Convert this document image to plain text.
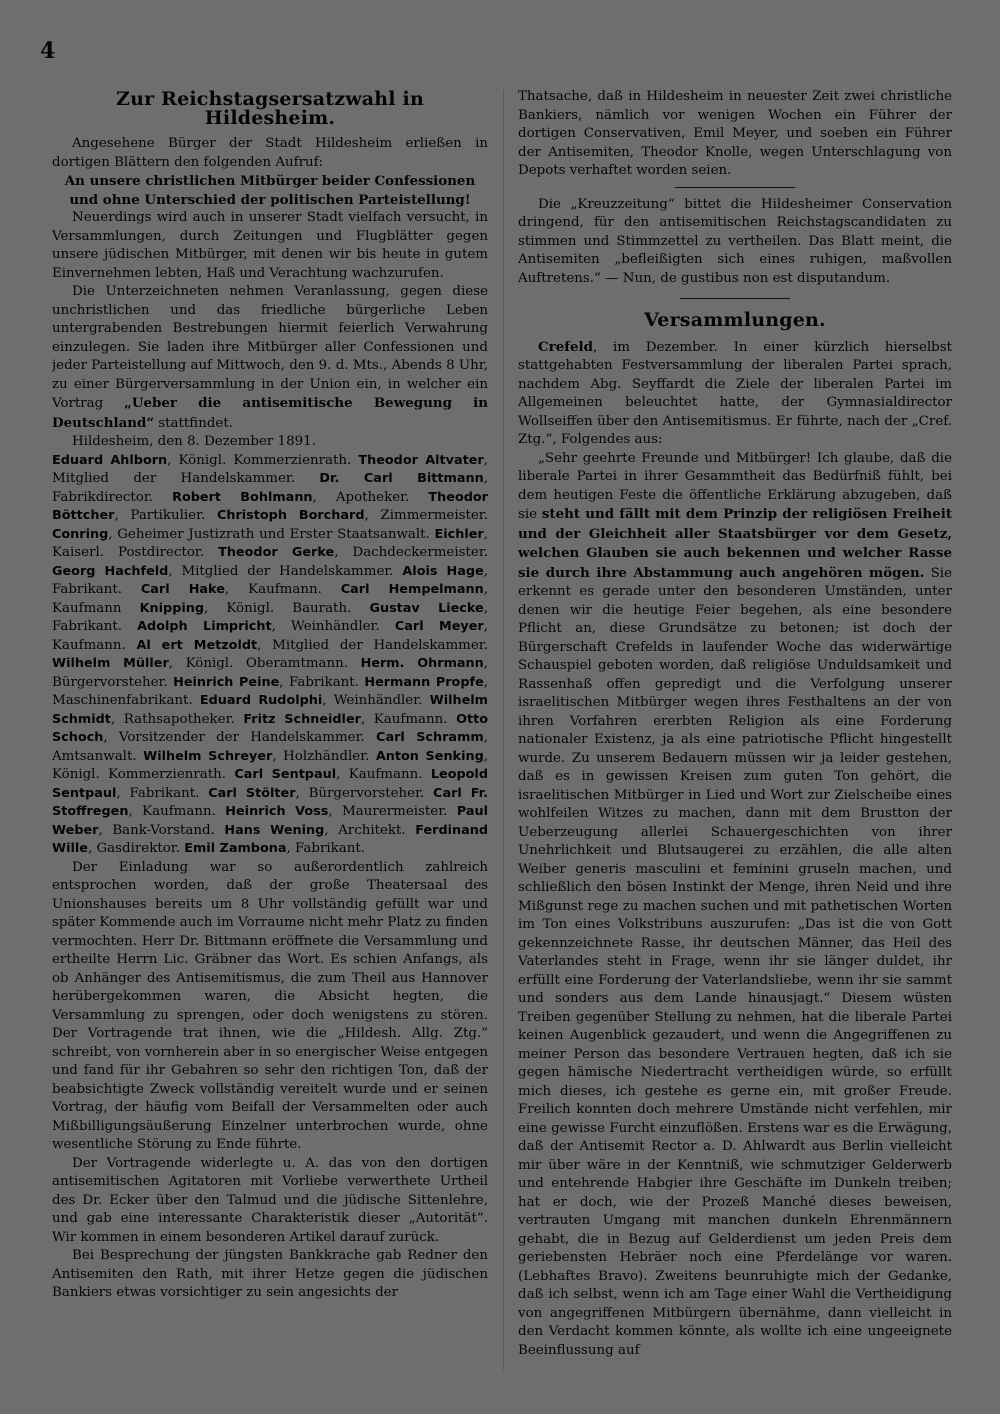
4
Zur Reichstagsersatzwahl in Hildesheim.

Angesehene Bürger der Stadt Hildesheim erließen in dortigen Blättern den folgenden Aufruf:

An unsere christlichen Mitbürger beider Confessionen und ohne Unterschied der politischen Parteistellung!

Neuerdings wird auch in unserer Stadt vielfach versucht, in Versammlungen, durch Zeitungen und Flugblätter gegen unsere jüdischen Mitbürger, mit denen wir bis heute in gutem Einvernehmen lebten, Haß und Verachtung wachzurufen.

Die Unterzeichneten nehmen Veranlassung, gegen diese unchristlichen und das friedliche bürgerliche Leben untergrabenden Bestrebungen hiermit feierlich Verwahrung einzulegen. Sie laden ihre Mitbürger aller Confessionen und jeder Parteistellung auf Mittwoch, den 9. d. Mts., Abends 8 Uhr, zu einer Bürgerversammlung in der Union ein, in welcher ein Vortrag „Ueber die antisemitische Bewegung in Deutschland“ stattfindet.

Hildesheim, den 8. Dezember 1891.

Eduard Ahlborn, Königl. Kommerzienrath. Theodor Altvater, Mitglied der Handelskammer. Dr. Carl Bittmann, Fabrikdirector. Robert Bohlmann, Apotheker. Theodor Böttcher, Partikulier. Christoph Borchard, Zimmermeister. Conring, Geheimer Justizrath und Erster Staatsanwalt. Eichler, Kaiserl. Postdirector. Theodor Gerke, Dachdeckermeister. Georg Hachfeld, Mitglied der Handelskammer. Alois Hage, Fabrikant. Carl Hake, Kaufmann. Carl Hempelmann, Kaufmann Knipping, Königl. Baurath. Gustav Liecke, Fabrikant. Adolph Limpricht, Weinhändler. Carl Meyer, Kaufmann. Al ert Metzoldt, Mitglied der Handelskammer. Wilhelm Müller, Königl. Oberamtmann. Herm. Ohrmann, Bürgervorsteher. Heinrich Peine, Fabrikant. Hermann Propfe, Maschinenfabrikant. Eduard Rudolphi, Weinhändler. Wilhelm Schmidt, Rathsapotheker. Fritz Schneidler, Kaufmann. Otto Schoch, Vorsitzender der Handelskammer. Carl Schramm, Amtsanwalt. Wilhelm Schreyer, Holzhändler. Anton Senking, Königl. Kommerzienrath. Carl Sentpaul, Kaufmann. Leopold Sentpaul, Fabrikant. Carl Stölter, Bürgervorsteher. Carl Fr. Stoffregen, Kaufmann. Heinrich Voss, Maurermeister. Paul Weber, Bank-Vorstand. Hans Wening, Architekt. Ferdinand Wille, Gasdirektor. Emil Zambona, Fabrikant.

Der Einladung war so außerordentlich zahlreich entsprochen worden, daß der große Theatersaal des Unionshauses bereits um 8 Uhr vollständig gefüllt war und später Kommende auch im Vorraume nicht mehr Platz zu finden vermochten. Herr Dr. Bittmann eröffnete die Versammlung und ertheilte Herrn Lic. Gräbner das Wort. Es schien Anfangs, als ob Anhänger des Antisemitismus, die zum Theil aus Hannover herübergekommen waren, die Absicht hegten, die Versammlung zu sprengen, oder doch wenigstens zu stören. Der Vortragende trat ihnen, wie die „Hildesh. Allg. Ztg.“ schreibt, von vornherein aber in so energischer Weise entgegen und fand für ihr Gebahren so sehr den richtigen Ton, daß der beabsichtigte Zweck vollständig vereitelt wurde und er seinen Vortrag, der häufig vom Beifall der Versammelten oder auch Mißbilligungsäußerung Einzelner unterbrochen wurde, ohne wesentliche Störung zu Ende führte.

Der Vortragende widerlegte u. A. das von den dortigen antisemitischen Agitatoren mit Vorliebe verwerthete Urtheil des Dr. Ecker über den Talmud und die jüdische Sittenlehre, und gab eine interessante Charakteristik dieser „Autorität“. Wir kommen in einem besonderen Artikel darauf zurück.

Bei Besprechung der jüngsten Bankkrache gab Redner den Antisemiten den Rath, mit ihrer Hetze gegen die jüdischen Bankiers etwas vorsichtiger zu sein angesichts der

Thatsache, daß in Hildesheim in neuester Zeit zwei christliche Bankiers, nämlich vor wenigen Wochen ein Führer der dortigen Conservativen, Emil Meyer, und soeben ein Führer der Antisemiten, Theodor Knolle, wegen Unterschlagung von Depots verhaftet worden seien.

Die „Kreuzzeitung“ bittet die Hildesheimer Conservation dringend, für den antisemitischen Reichstagscandidaten zu stimmen und Stimmzettel zu vertheilen. Das Blatt meint, die Antisemiten „befleißigten sich eines ruhigen, maßvollen Auftretens.“ — Nun, de gustibus non est disputandum.

Versammlungen.

Crefeld, im Dezember. In einer kürzlich hierselbst stattgehabten Festversammlung der liberalen Partei sprach, nachdem Abg. Seyffardt die Ziele der liberalen Partei im Allgemeinen beleuchtet hatte, der Gymnasialdirector Wollseiffen über den Antisemitismus. Er führte, nach der „Cref. Ztg.“, Folgendes aus:

„Sehr geehrte Freunde und Mitbürger! Ich glaube, daß die liberale Partei in ihrer Gesammtheit das Bedürfniß fühlt, bei dem heutigen Feste die öffentliche Erklärung abzugeben, daß sie steht und fällt mit dem Prinzip der religiösen Freiheit und der Gleichheit aller Staatsbürger vor dem Gesetz, welchen Glauben sie auch bekennen und welcher Rasse sie durch ihre Abstammung auch angehören mögen. Sie erkennt es gerade unter den besonderen Umständen, unter denen wir die heutige Feier begehen, als eine besondere Pflicht an, diese Grundsätze zu betonen; ist doch der Bürgerschaft Crefelds in laufender Woche das widerwärtige Schauspiel geboten worden, daß religiöse Unduldsamkeit und Rassenhaß offen gepredigt und die Verfolgung unserer israelitischen Mitbürger wegen ihres Festhaltens an der von ihren Vorfahren ererbten Religion als eine Forderung nationaler Existenz, ja als eine patriotische Pflicht hingestellt wurde. Zu unserem Bedauern müssen wir ja leider gestehen, daß es in gewissen Kreisen zum guten Ton gehört, die israelitischen Mitbürger in Lied und Wort zur Zielscheibe eines wohlfeilen Witzes zu machen, dann mit dem Brustton der Ueberzeugung allerlei Schauergeschichten von ihrer Unehrlichkeit und Blutsaugerei zu erzählen, die alle alten Weiber generis masculini et feminini gruseln machen, und schließlich den bösen Instinkt der Menge, ihren Neid und ihre Mißgunst rege zu machen suchen und mit pathetischen Worten im Ton eines Volkstribuns auszurufen: „Das ist die von Gott gekennzeichnete Rasse, ihr deutschen Männer, das Heil des Vaterlandes steht in Frage, wenn ihr sie länger duldet, ihr erfüllt eine Forderung der Vaterlandsliebe, wenn ihr sie sammt und sonders aus dem Lande hinausjagt.“ Diesem wüsten Treiben gegenüber Stellung zu nehmen, hat die liberale Partei keinen Augenblick gezaudert, und wenn die Angegriffenen zu meiner Person das besondere Vertrauen hegten, daß ich sie gegen hämische Niedertracht vertheidigen würde, so erfüllt mich dieses, ich gestehe es gerne ein, mit großer Freude. Freilich konnten doch mehrere Umstände nicht verfehlen, mir eine gewisse Furcht einzuflößen. Erstens war es die Erwägung, daß der Antisemit Rector a. D. Ahlwardt aus Berlin vielleicht mir über wäre in der Kenntniß, wie schmutziger Gelderwerb und entehrende Habgier ihre Geschäfte im Dunkeln treiben; hat er doch, wie der Prozeß Manché dieses beweisen, vertrauten Umgang mit manchen dunkeln Ehrenmännern gehabt, die in Bezug auf Gelderdienst um jeden Preis dem geriebensten Hebräer noch eine Pferdelänge vor waren. (Lebhaftes Bravo). Zweitens beunruhigte mich der Gedanke, daß ich selbst, wenn ich am Tage einer Wahl die Vertheidigung von angegriffenen Mitbürgern übernähme, dann vielleicht in den Verdacht kommen könnte, als wollte ich eine ungeeignete Beeinflussung auf
